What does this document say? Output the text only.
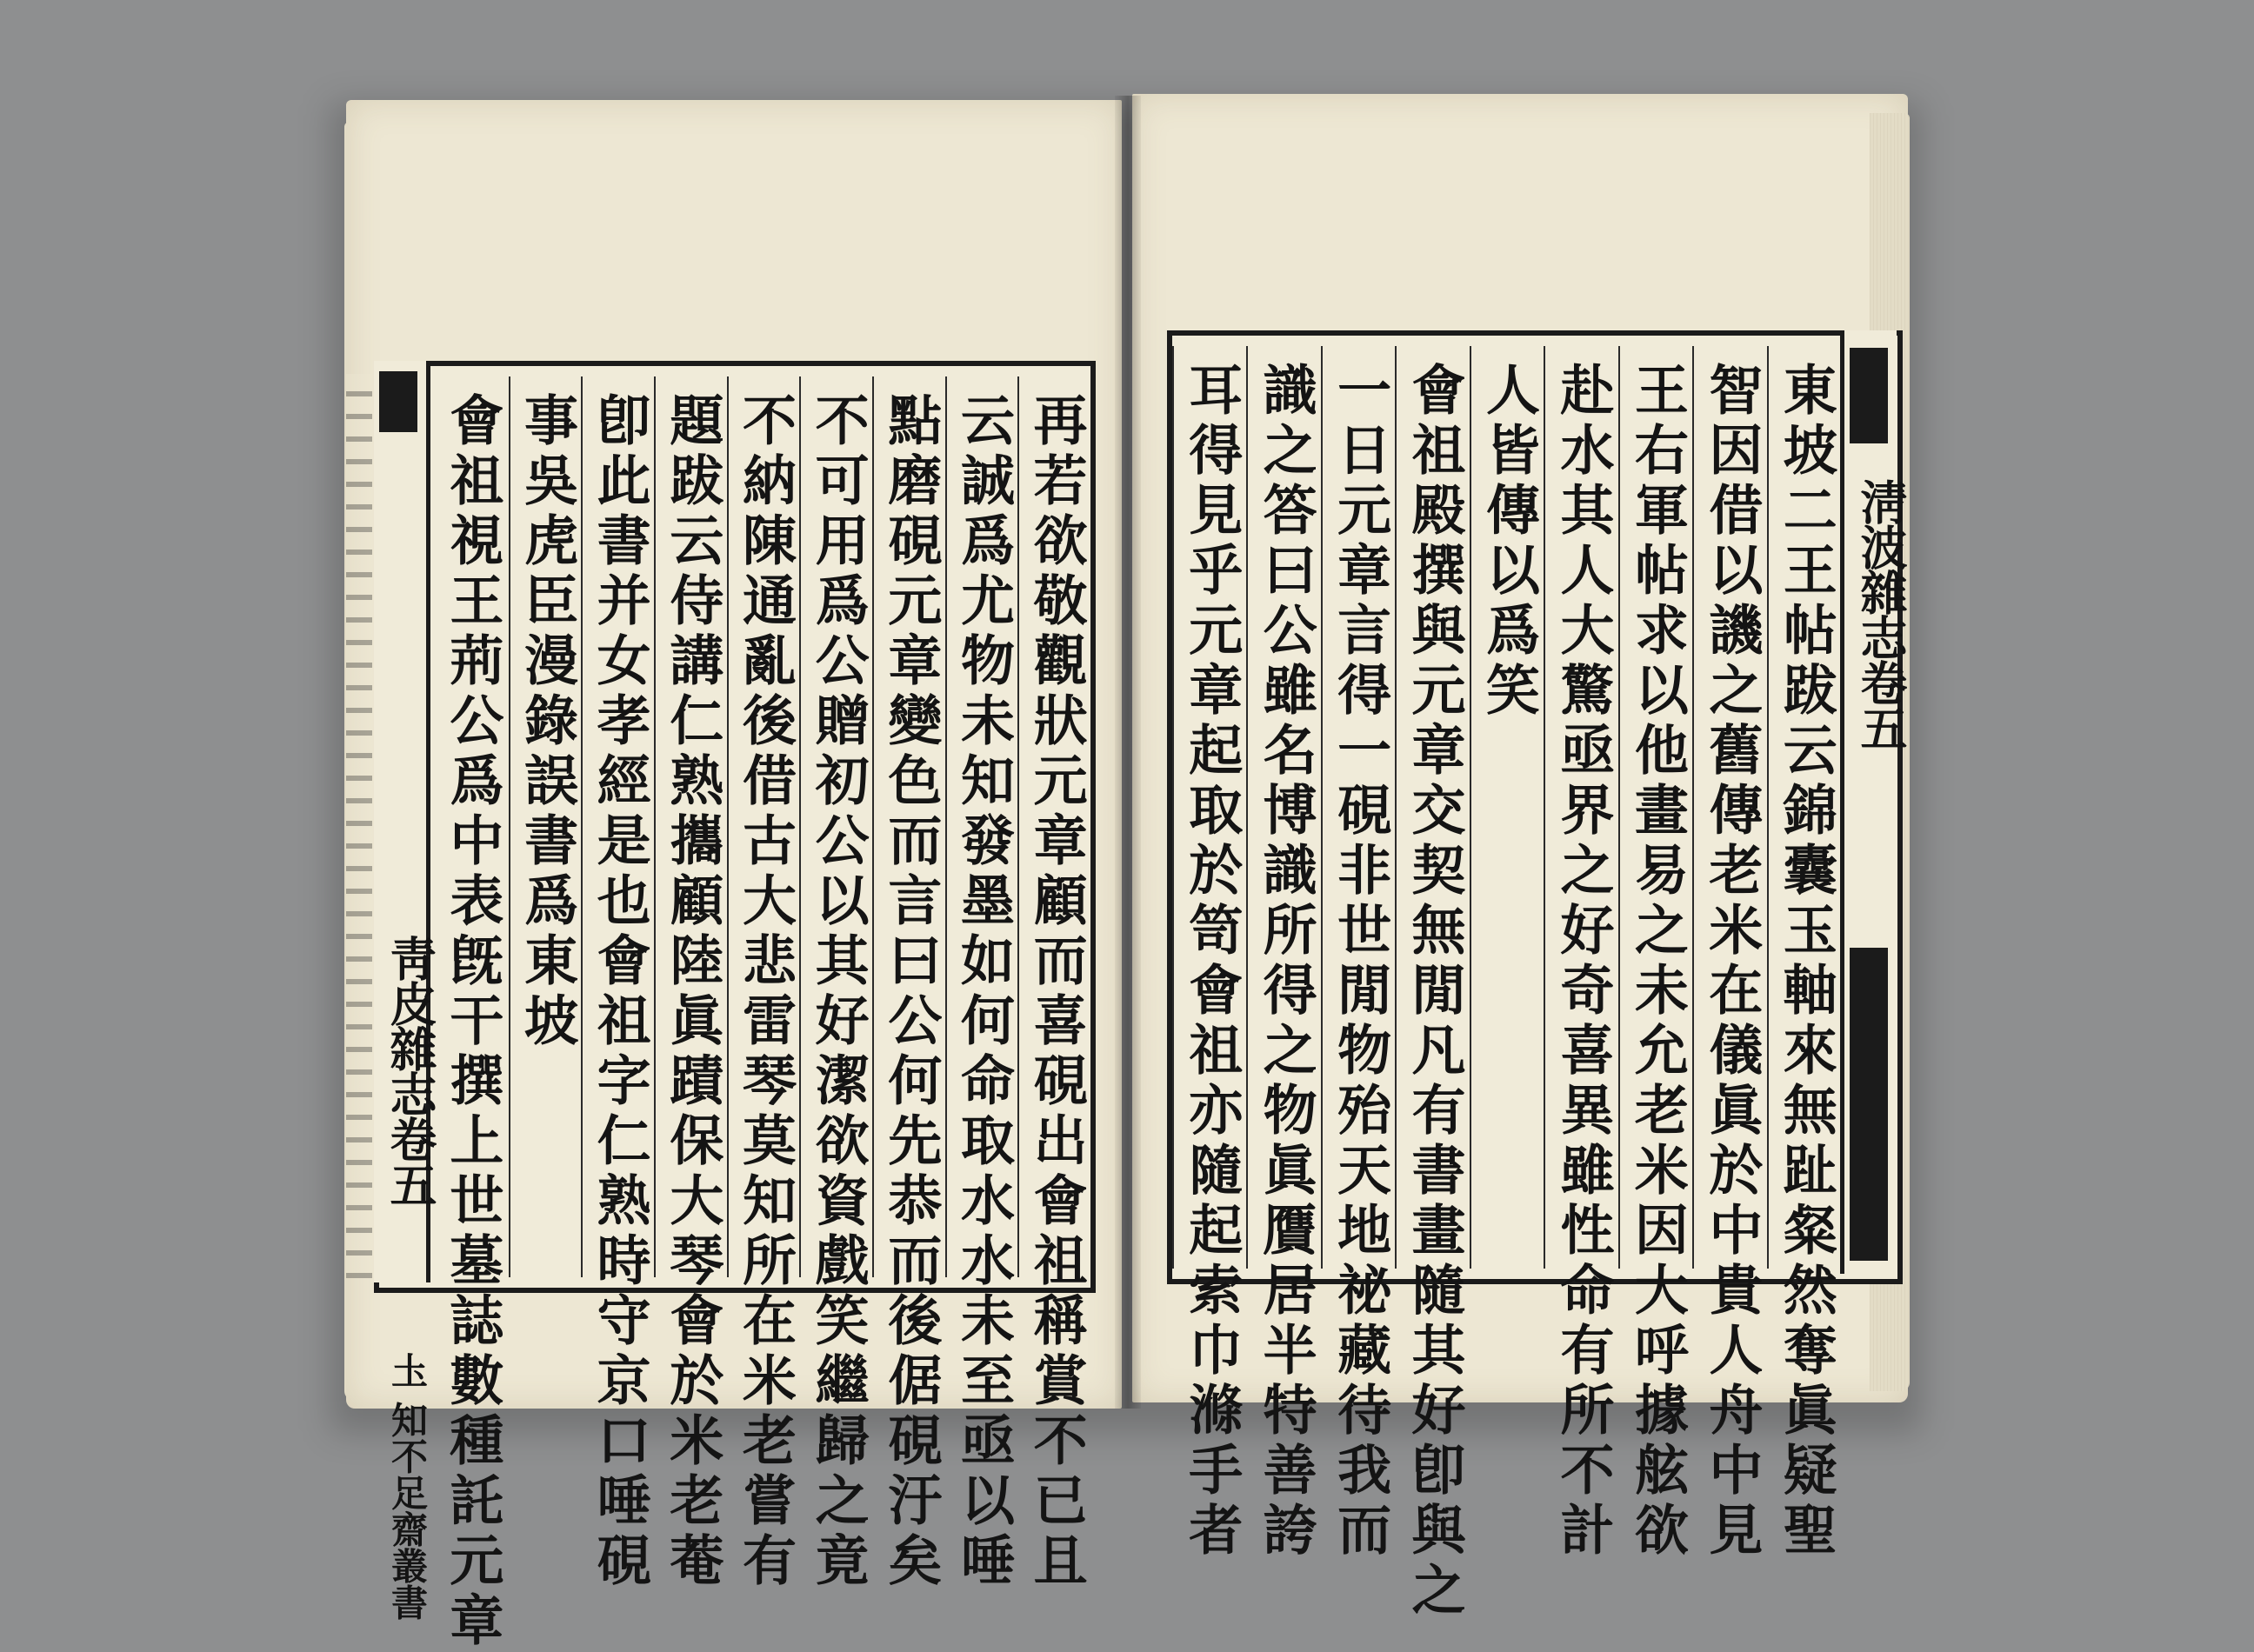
再若欲敬觀狀元章顧而喜硯出會祖稱賞不已且
云誠爲尤物未知發墨如何命取水水未至亟以唾
點磨硯元章變色而言曰公何先恭而後倨硯汙矣
不可用爲公贈初公以其好潔欲資戲笑繼歸之竟
不納陳通亂後借古大悲雷琴莫知所在米老嘗有
題跋云侍講仁熟攜顧陸眞蹟保大琴會於米老菴
卽此書并女孝經是也會祖字仁熟時守京口唾硯
事吳虎臣漫錄誤書爲東坡
會祖視王荊公爲中表旣干撰上世墓誌數種託元章
靑皮雜志卷五
圡 知不足齋叢書	東坡二王帖跋云錦囊玉軸來無趾粲然奪眞疑聖
智因借以譏之舊傳老米在儀眞於中貴人舟中見
王右軍帖求以他畫易之未允老米因大呼據舷欲
赴水其人大驚亟界之好奇喜異雖性命有所不計
人皆傳以爲笑
會祖殿撰與元章交契無閒凡有書畫隨其好卽與之
一日元章言得一硯非世閒物殆天地祕藏待我而
識之答曰公雖名博識所得之物眞贋居半特善誇
耳得見乎元章起取於笥會祖亦隨起索巾滌手者	淸波雜志卷五
